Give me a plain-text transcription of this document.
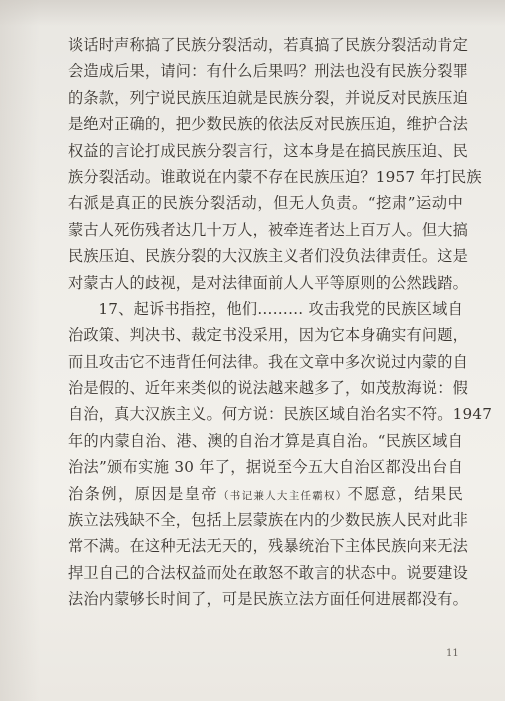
谈话时声称搞了民族分裂活动，若真搞了民族分裂活动肯定
会造成后果，请问：有什么后果吗？刑法也没有民族分裂罪
的条款，列宁说民族压迫就是民族分裂，并说反对民族压迫
是绝对正确的，把少数民族的依法反对民族压迫，维护合法
权益的言论打成民族分裂言行，这本身是在搞民族压迫、民
族分裂活动。谁敢说在内蒙不存在民族压迫？1957 年打民族
右派是真正的民族分裂活动，但无人负责。“挖肃”运动中
蒙古人死伤残者达几十万人，被牵连者达上百万人。但大搞
民族压迫、民族分裂的大汉族主义者们没负法律责任。这是
对蒙古人的歧视，是对法律面前人人平等原则的公然践踏。
17、起诉书指控，他们……… 攻击我党的民族区域自
治政策、判决书、裁定书没采用，因为它本身确实有问题，
而且攻击它不违背任何法律。我在文章中多次说过内蒙的自
治是假的、近年来类似的说法越来越多了，如茂敖海说：假
自治，真大汉族主义。何方说：民族区域自治名实不符。1947
年的内蒙自治、港、澳的自治才算是真自治。“民族区域自
治法”颁布实施 30 年了，据说至今五大自治区都没出台自
治条例，原因是皇帝（书记兼人大主任霸权）不愿意，结果民
族立法残缺不全，包括上层蒙族在内的少数民族人民对此非
常不满。在这种无法无天的，残暴统治下主体民族向来无法
捍卫自己的合法权益而处在敢怒不敢言的状态中。说要建设
法治内蒙够长时间了，可是民族立法方面任何进展都没有。
11
